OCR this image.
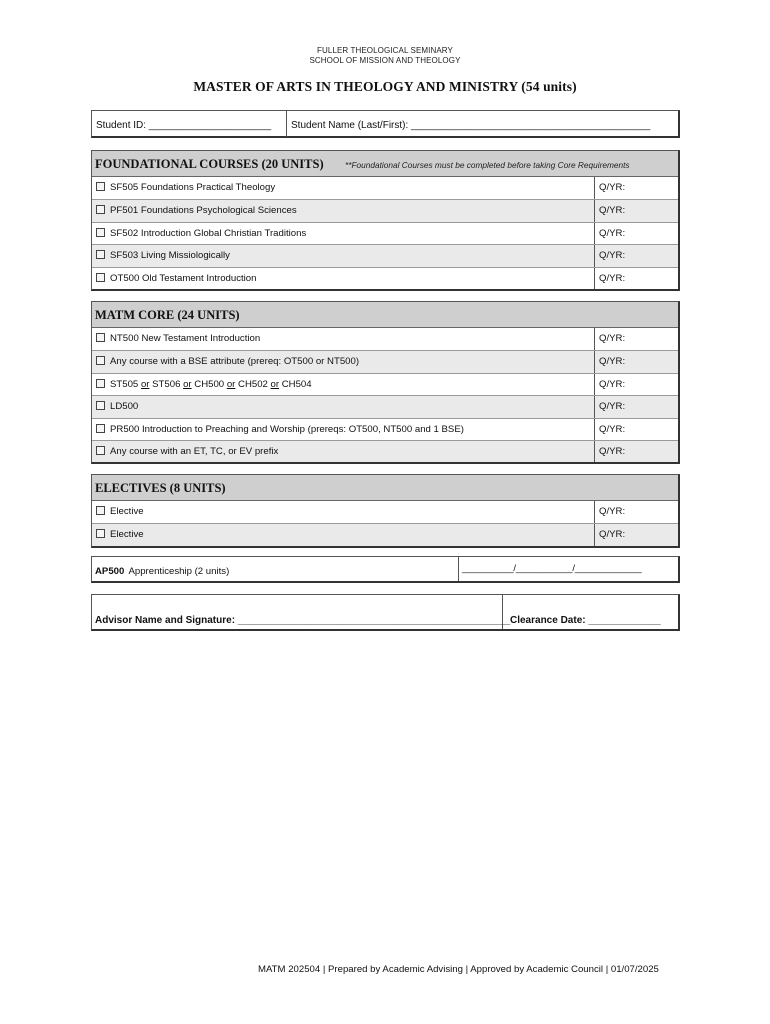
FULLER THEOLOGICAL SEMINARY
SCHOOL OF MISSION AND THEOLOGY
MASTER OF ARTS IN THEOLOGY AND MINISTRY (54 units)
Student ID: ______________________	Student Name (Last/First): ___________________________________________
FOUNDATIONAL COURSES (20 UNITS)	**Foundational Courses must be completed before taking Core Requirements
SF505 Foundations Practical Theology	Q/YR:
PF501 Foundations Psychological Sciences	Q/YR:
SF502 Introduction Global Christian Traditions	Q/YR:
SF503 Living Missiologically	Q/YR:
OT500 Old Testament Introduction	Q/YR:
MATM CORE (24 UNITS)
NT500 New Testament Introduction	Q/YR:
Any course with a BSE attribute (prereq: OT500 or NT500)	Q/YR:
ST505 or ST506 or CH500 or CH502 or CH504	Q/YR:
LD500	Q/YR:
PR500 Introduction to Preaching and Worship (prereqs: OT500, NT500 and 1 BSE)	Q/YR:
Any course with an ET, TC, or EV prefix	Q/YR:
ELECTIVES (8 UNITS)
Elective	Q/YR:
Elective	Q/YR:
AP500 Apprenticeship (2 units)	__________/___________/_____________
Advisor Name and Signature: _________________________________________________ Clearance Date: _____________
MATM 202504 | Prepared by Academic Advising | Approved by Academic Council | 01/07/2025
